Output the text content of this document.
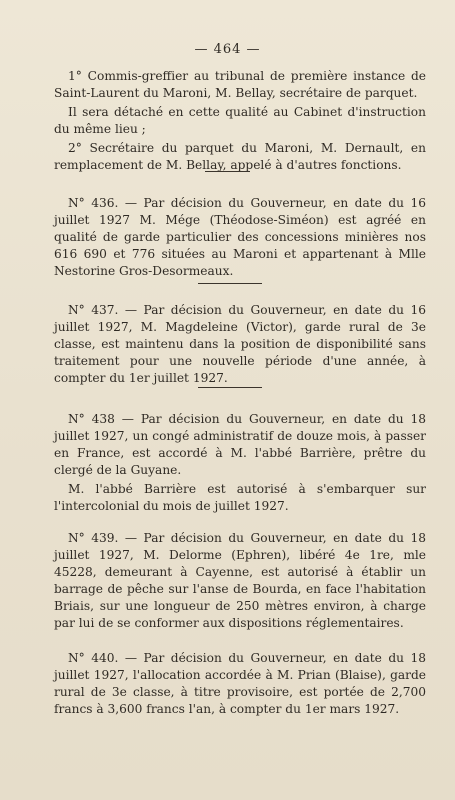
— 464 —

1° Commis-greffier au tribunal de première instance de Saint-Laurent du Maroni, M. Bellay, secrétaire de parquet.

Il sera détaché en cette qualité au Cabinet d'instruction du même lieu ;

2° Secrétaire du parquet du Maroni, M. Dernault, en remplacement de M. Bellay, appelé à d'autres fonctions.

N° 436. — Par décision du Gouverneur, en date du 16 juillet 1927 M. Mége (Théodose-Siméon) est agréé en qualité de garde particulier des concessions minières nos 616 690 et 776 situées au Maroni et appartenant à Mlle Nestorine Gros-Desormeaux.

N° 437. — Par décision du Gouverneur, en date du 16 juillet 1927, M. Magdeleine (Victor), garde rural de 3e classe, est maintenu dans la position de disponibilité sans traitement pour une nouvelle période d'une année, à compter du 1er juillet 1927.

N° 438 — Par décision du Gouverneur, en date du 18 juillet 1927, un congé administratif de douze mois, à passer en France, est accordé à M. l'abbé Barrière, prêtre du clergé de la Guyane.

M. l'abbé Barrière est autorisé à s'embarquer sur l'intercolonial du mois de juillet 1927.

N° 439. — Par décision du Gouverneur, en date du 18 juillet 1927, M. Delorme (Ephren), libéré 4e 1re, mle 45228, demeurant à Cayenne, est autorisé à établir un barrage de pêche sur l'anse de Bourda, en face l'habitation Briais, sur une longueur de 250 mètres environ, à charge par lui de se conformer aux dispositions réglementaires.

N° 440. — Par décision du Gouverneur, en date du 18 juillet 1927, l'allocation accordée à M. Prian (Blaise), garde rural de 3e classe, à titre provisoire, est portée de 2,700 francs à 3,600 francs l'an, à compter du 1er mars 1927.
